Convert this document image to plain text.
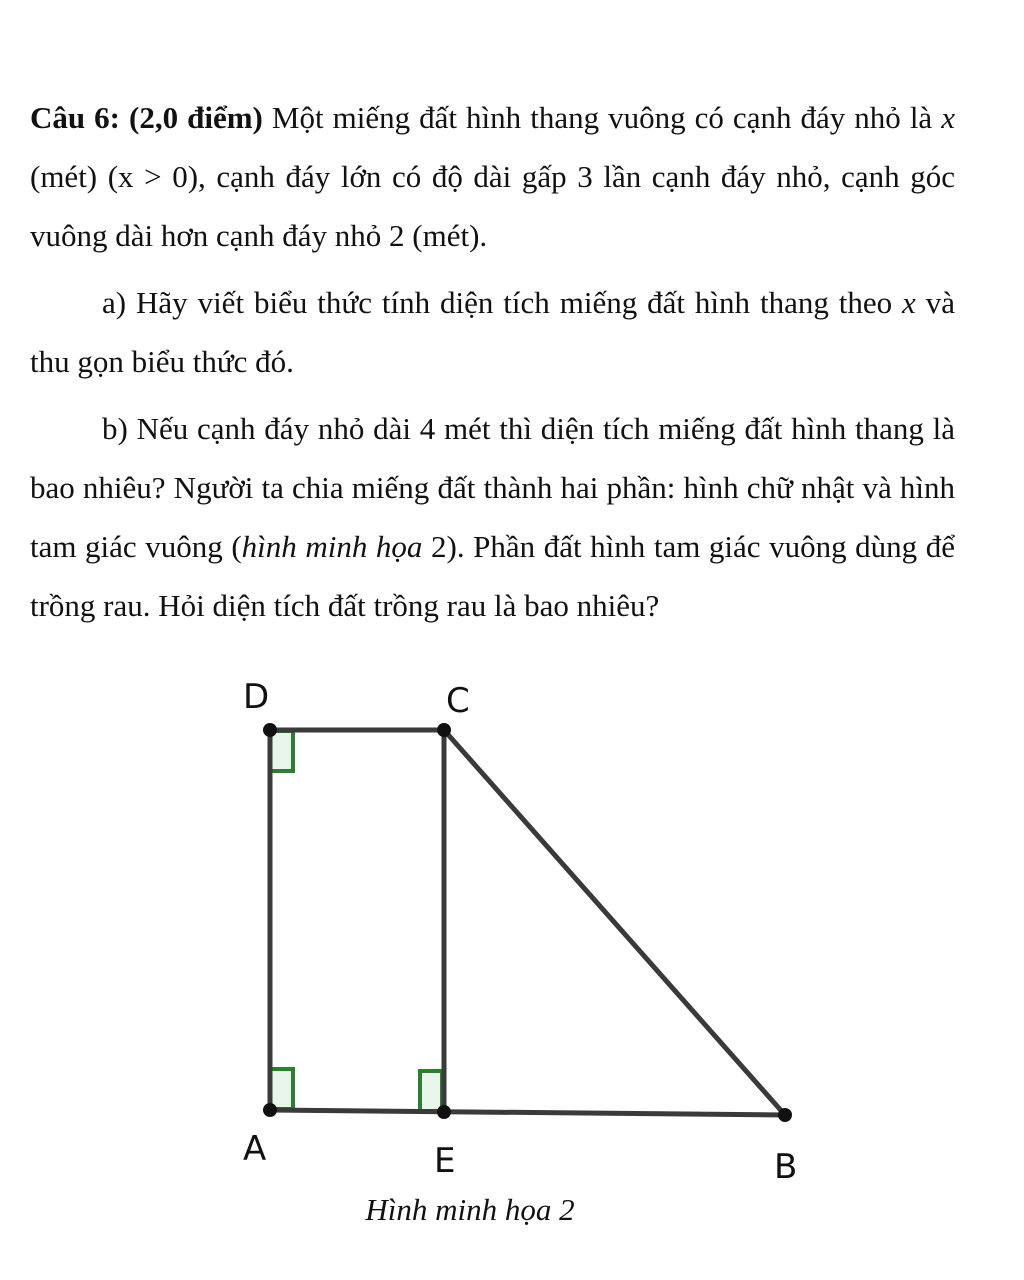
Câu 6: (2,0 điểm) Một miếng đất hình thang vuông có cạnh đáy nhỏ là x (mét) (x > 0), cạnh đáy lớn có độ dài gấp 3 lần cạnh đáy nhỏ, cạnh góc vuông dài hơn cạnh đáy nhỏ 2 (mét).

a) Hãy viết biểu thức tính diện tích miếng đất hình thang theo x và thu gọn biểu thức đó.

b) Nếu cạnh đáy nhỏ dài 4 mét thì diện tích miếng đất hình thang là bao nhiêu? Người ta chia miếng đất thành hai phần: hình chữ nhật và hình tam giác vuông (hình minh họa 2). Phần đất hình tam giác vuông dùng để trồng rau. Hỏi diện tích đất trồng rau là bao nhiêu?

D	C
A	E	B
Hình minh họa 2
